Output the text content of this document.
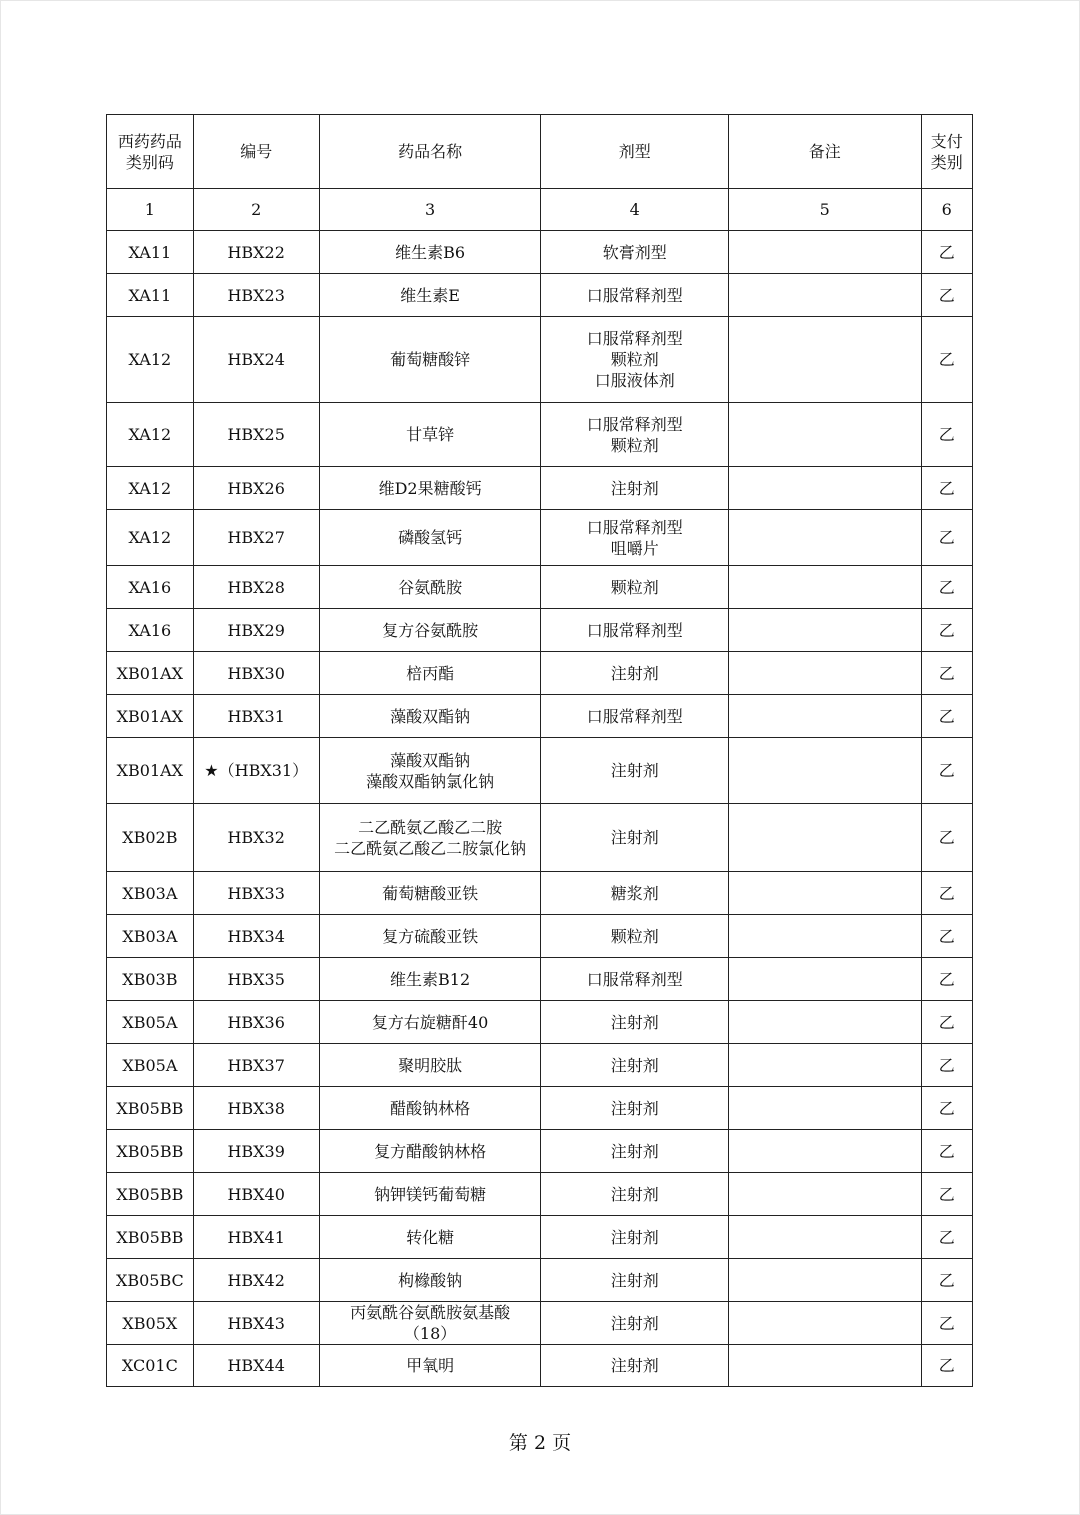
西药药品
类别码	编号	药品名称	剂型	备注	支付
类别
1	2	3	4	5	6
XA11	HBX22	维生素B6	软膏剂型		乙
XA11	HBX23	维生素E	口服常释剂型		乙
XA12	HBX24	葡萄糖酸锌	口服常释剂型
颗粒剂
口服液体剂		乙
XA12	HBX25	甘草锌	口服常释剂型
颗粒剂		乙
XA12	HBX26	维D2果糖酸钙	注射剂		乙
XA12	HBX27	磷酸氢钙	口服常释剂型
咀嚼片		乙
XA16	HBX28	谷氨酰胺	颗粒剂		乙
XA16	HBX29	复方谷氨酰胺	口服常释剂型		乙
XB01AX	HBX30	棓丙酯	注射剂		乙
XB01AX	HBX31	藻酸双酯钠	口服常释剂型		乙
XB01AX	★（HBX31）	藻酸双酯钠
藻酸双酯钠氯化钠	注射剂		乙
XB02B	HBX32	二乙酰氨乙酸乙二胺
二乙酰氨乙酸乙二胺氯化钠	注射剂		乙
XB03A	HBX33	葡萄糖酸亚铁	糖浆剂		乙
XB03A	HBX34	复方硫酸亚铁	颗粒剂		乙
XB03B	HBX35	维生素B12	口服常释剂型		乙
XB05A	HBX36	复方右旋糖酐40	注射剂		乙
XB05A	HBX37	聚明胶肽	注射剂		乙
XB05BB	HBX38	醋酸钠林格	注射剂		乙
XB05BB	HBX39	复方醋酸钠林格	注射剂		乙
XB05BB	HBX40	钠钾镁钙葡萄糖	注射剂		乙
XB05BB	HBX41	转化糖	注射剂		乙
XB05BC	HBX42	枸橼酸钠	注射剂		乙
XB05X	HBX43	丙氨酰谷氨酰胺氨基酸
（18）	注射剂		乙
XC01C	HBX44	甲氧明	注射剂		乙
第 2 页
